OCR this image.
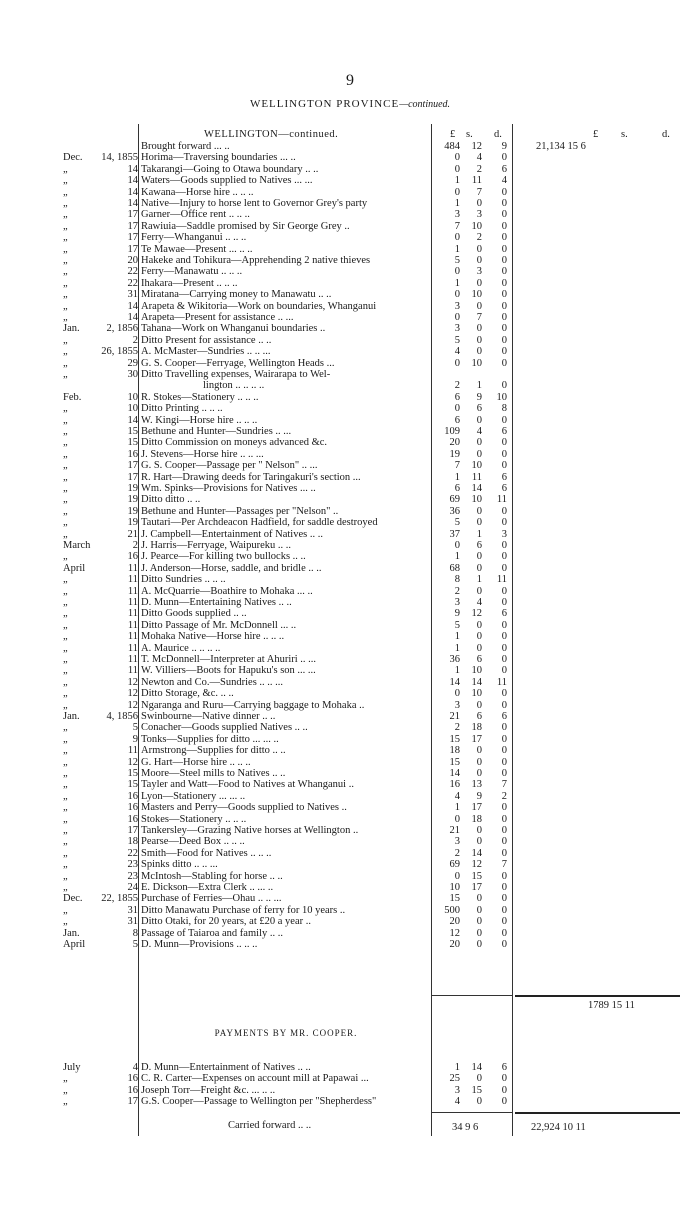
9
WELLINGTON PROVINCE—continued.
WELLINGTON—continued.	£ s. d.	£ s.	d.
21,134 15 6
Brought forward ... ..	484	12	9
Dec.	14, 1855 Horima—Traversing boundaries ... ..	0	4	0
„	14 Takarangi—Going to Otawa boundary .. ..	0	2	6
„	14 Waters—Goods supplied to Natives ... ...	1	11	4
„	14 Kawana—Horse hire .. .. ..	0	7	0
„	14 Native—Injury to horse lent to Governor Grey's party	1	0	0
„	17 Garner—Office rent .. .. ..	3	3	0
„	17 Rawiuia—Saddle promised by Sir George Grey ..	7	10	0
„	17 Ferry—Whanganui .. .. ..	0	2	0
„	17 Te Mawae—Present ... .. ..	1	0	0
„	20 Hakeke and Tohikura—Apprehending 2 native thieves	5	0	0
„	22 Ferry—Manawatu .. .. ..	0	3	0
„	22 Ihakara—Present .. .. ..	1	0	0
„	31 Miratana—Carrying money to Manawatu .. ..	0	10	0
„	14 Arapeta & Wikitoria—Work on boundaries, Whanganui	3	0	0
„	14 Arapeta—Present for assistance .. ...	0	7	0
Jan.	2, 1856 Tahana—Work on Whanganui boundaries ..	3	0	0
„	2 Ditto Present for assistance .. ..	5	0	0
„	26, 1855 A. McMaster—Sundries .. .. ...	4	0	0
„	29 G. S. Cooper—Ferryage, Wellington Heads ...	0	10	0
„	30 Ditto Travelling expenses, Wairarapa to Wel-
lington .. .. .. ..	2	1	0
Feb.	10 R. Stokes—Stationery .. .. ..	6	9	10
„	10 Ditto Printing .. .. ..	0	6	8
„	14 W. Kingi—Horse hire .. .. ..	6	0	0
„	15 Bethune and Hunter—Sundries .. ...	109	4	6
„	15 Ditto Commission on moneys advanced &c.	20	0	0
„	16 J. Stevens—Horse hire .. .. ...	19	0	0
„	17 G. S. Cooper—Passage per " Nelson" .. ...	7	10	0
„	17 R. Hart—Drawing deeds for Taringakuri's section ...	1	11	6
„	19 Wm. Spinks—Provisions for Natives ... ..	6	14	6
„	19 Ditto ditto .. ..	69	10	11
„	19 Bethune and Hunter—Passages per "Nelson" ..	36	0	0
„	19 Tautari—Per Archdeacon Hadfield, for saddle destroyed	5	0	0
„	21 J. Campbell—Entertainment of Natives .. ..	37	1	3
March	2 J. Harris—Ferryage, Waipureku .. ..	0	6	0
„	16 J. Pearce—For killing two bullocks .. ..	1	0	0
April	11 J. Anderson—Horse, saddle, and bridle .. ..	68	0	0
„	11 Ditto Sundries .. .. ..	8	1	11
„	11 A. McQuarrie—Boathire to Mohaka ... ..	2	0	0
„	11 D. Munn—Entertaining Natives .. ..	3	4	0
„	11 Ditto Goods supplied .. ..	9	12	6
„	11 Ditto Passage of Mr. McDonnell ... ..	5	0	0
„	11 Mohaka Native—Horse hire .. .. ..	1	0	0
„	11 A. Maurice .. .. .. ..	1	0	0
„	11 T. McDonnell—Interpreter at Ahuriri .. ...	36	6	0
„	11 W. Villiers—Boots for Hapuku's son ... ...	1	10	0
„	12 Newton and Co.—Sundries .. .. ...	14	14	11
„	12 Ditto Storage, &c. .. ..	0	10	0
„	12 Ngaranga and Ruru—Carrying baggage to Mohaka ..	3	0	0
Jan.	4, 1856 Swinbourne—Native dinner .. ..	21	6	6
„	5 Conacher—Goods supplied Natives .. ..	2	18	0
„	9 Tonks—Supplies for ditto ... ... ..	15	17	0
„	11 Armstrong—Supplies for ditto .. ..	18	0	0
„	12 G. Hart—Horse hire .. .. ..	15	0	0
„	15 Moore—Steel mills to Natives .. ..	14	0	0
„	15 Tayler and Watt—Food to Natives at Whanganui ..	16	13	7
„	16 Lyon—Stationery ... ... ..	4	9	2
„	16 Masters and Perry—Goods supplied to Natives ..	1	17	0
„	16 Stokes—Stationery .. .. ..	0	18	0
„	17 Tankersley—Grazing Native horses at Wellington ..	21	0	0
„	18 Pearse—Deed Box .. .. ..	3	0	0
„	22 Smith—Food for Natives .. .. ..	2	14	0
„	23 Spinks ditto .. .. ...	69	12	7
„	23 McIntosh—Stabling for horse .. ..	0	15	0
„	24 E. Dickson—Extra Clerk .. ... ..	10	17	0
Dec.	22, 1855 Purchase of Ferries—Ohau .. .. ...	15	0	0
„	31 Ditto Manawatu Purchase of ferry for 10 years ..	500	0	0
„	31 Ditto Otaki, for 20 years, at £20 a year ..	20	0	0
Jan.	8 Passage of Taiaroa and family .. ..	12	0	0
April	5 D. Munn—Provisions .. .. ..	20	0	0
1789 15 11
PAYMENTS BY MR. COOPER.
July	4 D. Munn—Entertainment of Natives .. ..	1	14	6
„	16 C. R. Carter—Expenses on account mill at Papawai ...	25	0	0
„	16 Joseph Torr—Freight &c. ... .. ..	3	15	0
„	17 G.S. Cooper—Passage to Wellington per "Shepherdess"	4	0	0
Carried forward .. ..	34 9 6	22,924 10 11
